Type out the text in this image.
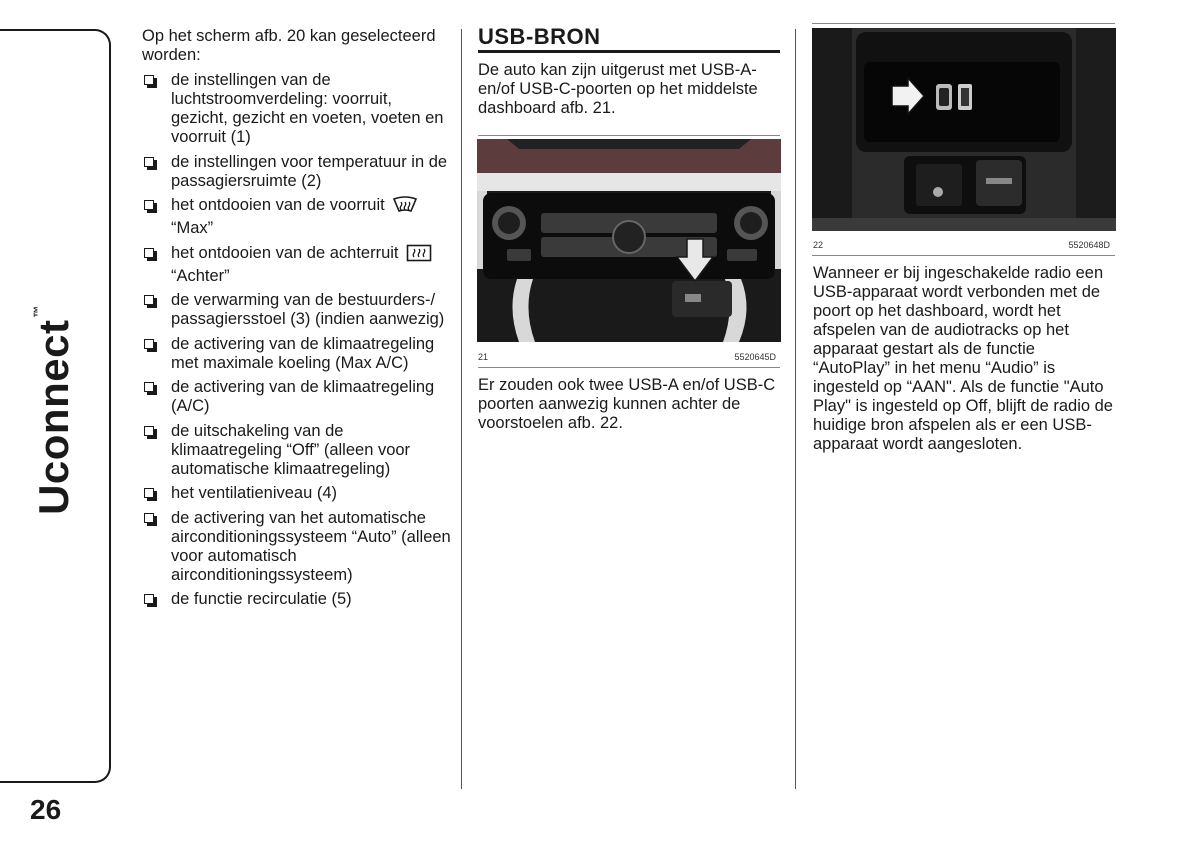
Uconnect™
26

Op het scherm afb. 20 kan geselecteerd worden:

de instellingen van de luchtstroomverdeling: voorruit, gezicht, gezicht en voeten, voeten en voorruit (1)
de instellingen voor temperatuur in de passagiersruimte (2)
het ontdooien van de voorruit
“Max”
het ontdooien van de achterruit
“Achter”
de verwarming van de bestuurders-/ passagiersstoel (3) (indien aanwezig)
de activering van de klimaatregeling met maximale koeling (Max A/C)
de activering van de klimaatregeling (A/C)
de uitschakeling van de klimaatregeling “Off” (alleen voor automatische klimaatregeling)
het ventilatieniveau (4)
de activering van het automatische airconditioningssysteem “Auto” (alleen voor automatisch airconditioningssysteem)
de functie recirculatie (5)
USB-BRON
De auto kan zijn uitgerust met USB-A- en/of USB-C-poorten op het middelste dashboard afb. 21.
21	5520645D
Er zouden ook twee USB-A en/of USB-C poorten aanwezig kunnen achter de voorstoelen afb. 22.
22	5520648D
Wanneer er bij ingeschakelde radio een USB-apparaat wordt verbonden met de poort op het dashboard, wordt het afspelen van de audiotracks op het apparaat gestart als de functie “AutoPlay” in het menu “Audio” is ingesteld op “AAN". Als de functie "Auto Play" is ingesteld op Off, blijft de radio de huidige bron afspelen als er een USB-apparaat wordt aangesloten.
